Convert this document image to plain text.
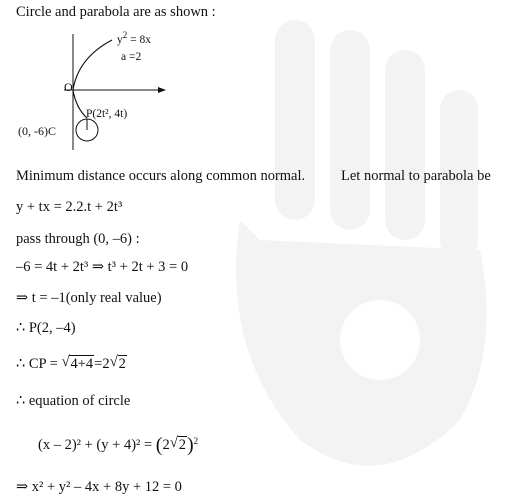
Circle and parabola are as shown :
$y^2 = 8x$
a =2
O
P(2t², 4t)
(0, -6)C
Minimum distance occurs along common normal. Let normal to parabola be
y + tx = 2.2.t + 2t³
pass through (0, –6) :
–6 = 4t + 2t³ ⇒ t³ + 2t + 3 = 0
⇒ t = –1(only real value)
∴ P(2, –4)
∴ CP = √ 4+4=2 √ 2
∴ equation of circle
(x – 2)² + (y + 4)² = (2 √ 2)$^2$
⇒ x² + y² – 4x + 8y + 12 = 0
